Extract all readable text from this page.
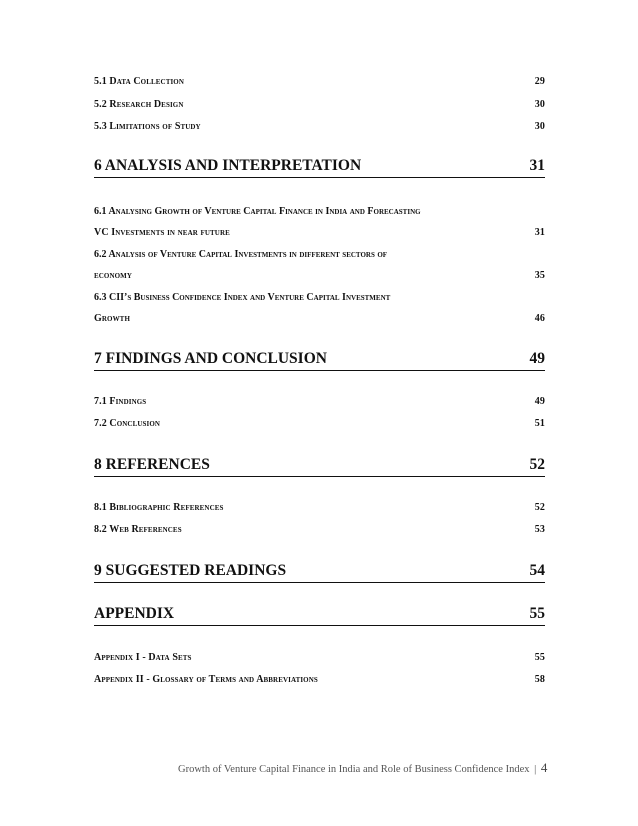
5.1 Data Collection	29
5.2 Research Design	30
5.3 Limitations of Study	30
6 ANALYSIS AND INTERPRETATION	31
6.1 Analysing Growth of Venture Capital Finance in India and Forecasting
VC Investments in near future	31
6.2 Analysis of Venture Capital Investments in different sectors of
economy	35
6.3 CII’s Business Confidence Index and Venture Capital Investment
Growth	46
7 FINDINGS AND CONCLUSION	49
7.1 Findings	49
7.2 Conclusion	51
8 REFERENCES	52
8.1 Bibliographic References	52
8.2 Web References	53
9 SUGGESTED READINGS	54
APPENDIX	55
Appendix I - Data Sets	55
Appendix II - Glossary of Terms and Abbreviations	58
Growth of Venture Capital Finance in India and Role of Business Confidence Index | 4
